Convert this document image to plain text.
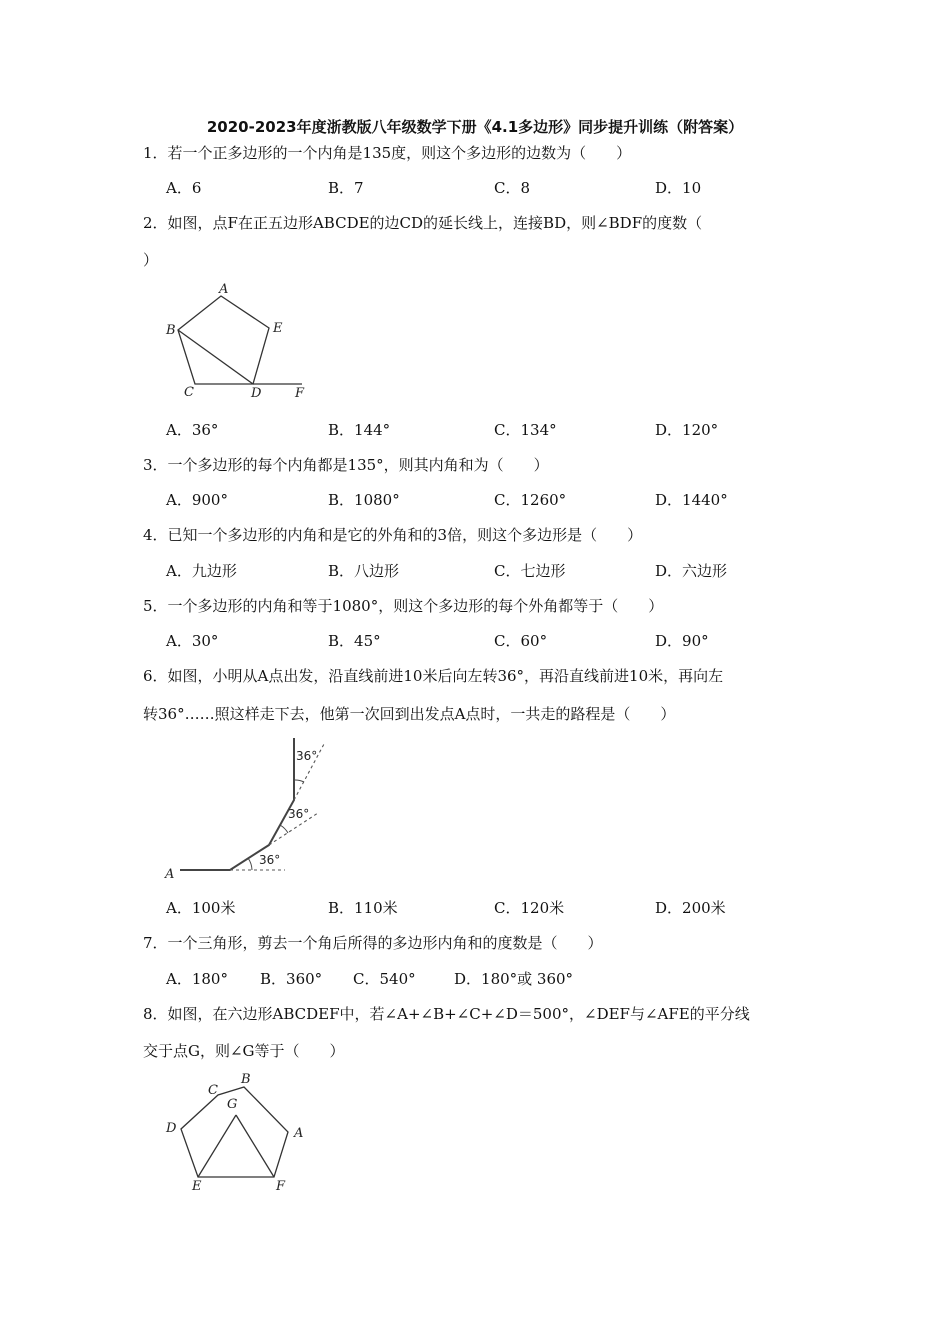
2020-2023年度浙教版八年级数学下册《4.1多边形》同步提升训练（附答案）
1．若一个正多边形的一个内角是135度，则这个多边形的边数为（　　）
A．6	B．7	C．8	D．10
2．如图，点F在正五边形ABCDE的边CD的延长线上，连接BD，则∠BDF的度数（
）
A
B
C	D
E
F
A．36°	B．144°	C．134°	D．120°
3．一个多边形的每个内角都是135°，则其内角和为（　　）
A．900°	B．1080°	C．1260°	D．1440°
4．已知一个多边形的内角和是它的外角和的3倍，则这个多边形是（　　）
A．九边形	B．八边形	C．七边形	D．六边形
5．一个多边形的内角和等于1080°，则这个多边形的每个外角都等于（　　）
A．30°	B．45°	C．60°	D．90°
6．如图，小明从A点出发，沿直线前进10米后向左转36°，再沿直线前进10米，再向左
转36°……照这样走下去，他第一次回到出发点A点时，一共走的路程是（　　）
A
36°
36°
36°
A．100米	B．110米	C．120米	D．200米
7．一个三角形，剪去一个角后所得的多边形内角和的度数是（　　）
A．180° B．360° C．540°	D．180°或 360°
8．如图，在六边形ABCDEF中，若∠A+∠B+∠C+∠D＝500°，∠DEF与∠AFE的平分线
交于点G，则∠G等于（　　）
A
B
C
D
E	F
G
